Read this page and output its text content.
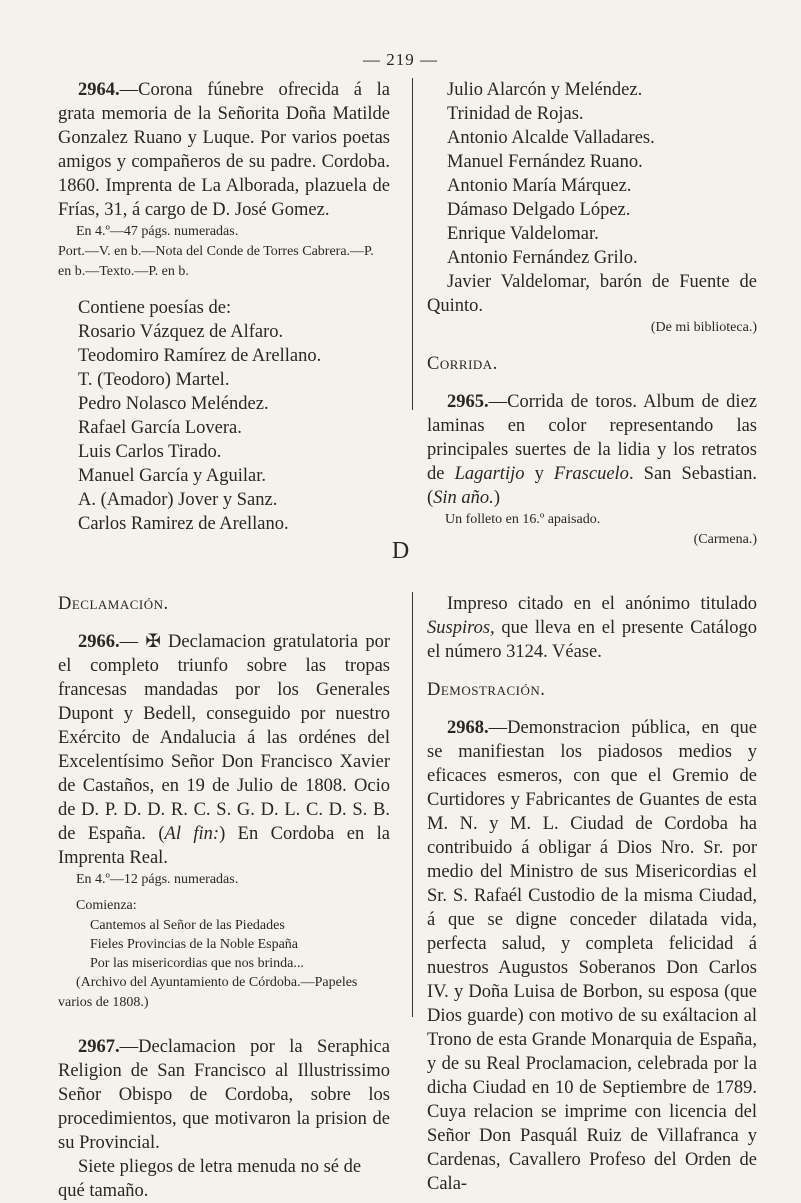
— 219 —

2964.—Corona fúnebre ofrecida á la grata memoria de la Señorita Doña Matilde Gonzalez Ruano y Luque. Por varios poetas amigos y compañeros de su padre. Cordoba. 1860. Imprenta de La Alborada, plazuela de Frías, 31, á cargo de D. José Gomez.

En 4.º—47 págs. numeradas.

Port.—V. en b.—Nota del Conde de Torres Cabrera.—P. en b.—Texto.—P. en b.

Contiene poesías de:

Rosario Vázquez de Alfaro.

Teodomiro Ramírez de Arellano.

T. (Teodoro) Martel.

Pedro Nolasco Meléndez.

Rafael García Lovera.

Luis Carlos Tirado.

Manuel García y Aguilar.

A. (Amador) Jover y Sanz.

Carlos Ramirez de Arellano.

Julio Alarcón y Meléndez.

Trinidad de Rojas.

Antonio Alcalde Valladares.

Manuel Fernández Ruano.

Antonio María Márquez.

Dámaso Delgado López.

Enrique Valdelomar.

Antonio Fernández Grilo.

Javier Valdelomar, barón de Fuente de Quinto.

(De mi biblioteca.)

Corrida.

2965.—Corrida de toros. Album de diez laminas en color representando las principales suertes de la lidia y los retratos de Lagartijo y Frascuelo. San Sebastian. (Sin año.)

Un folleto en 16.º apaisado.

(Carmena.)

D

Declamación.

2966.— ✠ Declamacion gratulatoria por el completo triunfo sobre las tropas francesas mandadas por los Generales Dupont y Bedell, conseguido por nuestro Exército de Andalucia á las ordénes del Excelentísimo Señor Don Francisco Xavier de Castaños, en 19 de Julio de 1808. Ocio de D. P. D. D. R. C. S. G. D. L. C. D. S. B. de España. (Al fin:) En Cordoba en la Imprenta Real.

En 4.º—12 págs. numeradas.

Comienza:

Cantemos al Señor de las Piedades

Fieles Provincias de la Noble España

Por las misericordias que nos brinda...

(Archivo del Ayuntamiento de Córdoba.—Papeles varios de 1808.)

2967.—Declamacion por la Seraphica Religion de San Francisco al Illustrissimo Señor Obispo de Cordoba, sobre los procedimientos, que motivaron la prision de su Provincial.

Siete pliegos de letra menuda no sé de qué tamaño.

Impreso citado en el anónimo titulado Suspiros, que lleva en el presente Catálogo el número 3124. Véase.

Demostración.

2968.—Demonstracion pública, en que se manifiestan los piadosos medios y eficaces esmeros, con que el Gremio de Curtidores y Fabricantes de Guantes de esta M. N. y M. L. Ciudad de Cordoba ha contribuido á obligar á Dios Nro. Sr. por medio del Ministro de sus Misericordias el Sr. S. Rafaél Custodio de la misma Ciudad, á que se digne conceder dilatada vida, perfecta salud, y completa felicidad á nuestros Augustos Soberanos Don Carlos IV. y Doña Luisa de Borbon, su esposa (que Dios guarde) con motivo de su exáltacion al Trono de esta Grande Monarquia de España, y de su Real Proclamacion, celebrada por la dicha Ciudad en 10 de Septiembre de 1789. Cuya relacion se imprime con licencia del Señor Don Pasquál Ruiz de Villafranca y Cardenas, Cavallero Profeso del Orden de Cala-
